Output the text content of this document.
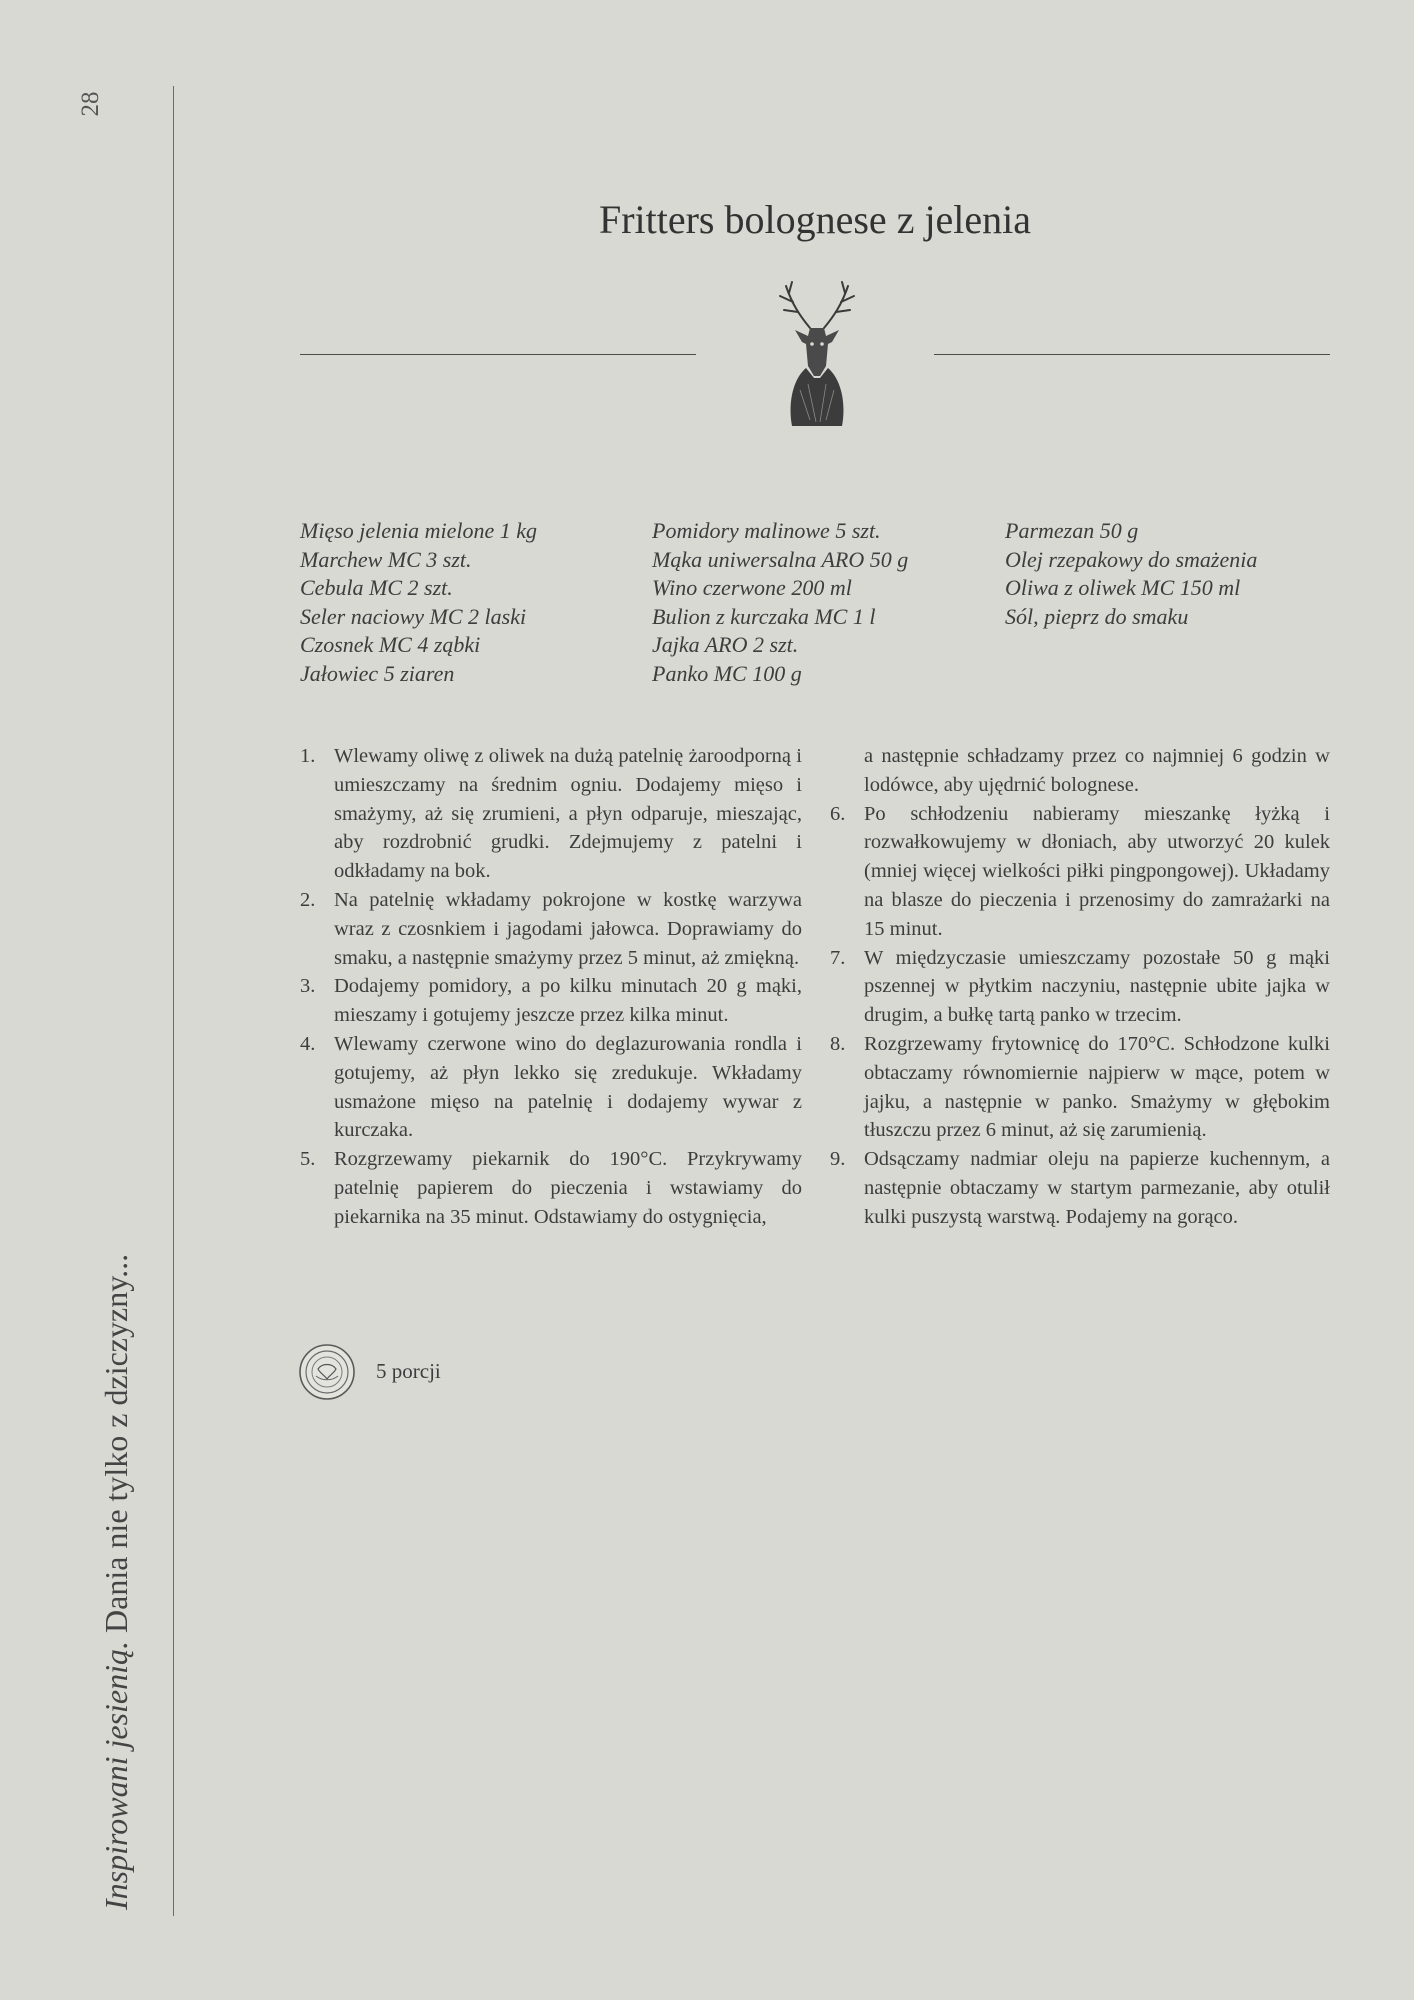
28
Inspirowani jesienią. Dania nie tylko z dziczyzny...
Fritters bolognese z jelenia
Mięso jelenia mielone 1 kg
Marchew MC 3 szt.
Cebula MC 2 szt.
Seler naciowy MC 2 laski
Czosnek MC 4 ząbki
Jałowiec 5 ziaren
Pomidory malinowe 5 szt.
Mąka uniwersalna ARO 50 g
Wino czerwone 200 ml
Bulion z kurczaka MC 1 l
Jajka ARO 2 szt.
Panko MC 100 g
Parmezan 50 g
Olej rzepakowy do smażenia
Oliwa z oliwek MC 150 ml
Sól, pieprz do smaku
1. Wlewamy oliwę z oliwek na dużą patelnię żaroodporną i umieszczamy na średnim ogniu. Dodajemy mięso i smażymy, aż się zrumieni, a płyn odparuje, mieszając, aby rozdrobnić grudki. Zdejmujemy z patelni i odkładamy na bok.
2. Na patelnię wkładamy pokrojone w kostkę warzywa wraz z czosnkiem i jagodami jałowca. Doprawiamy do smaku, a następnie smażymy przez 5 minut, aż zmiękną.
3. Dodajemy pomidory, a po kilku minutach 20 g mąki, mieszamy i gotujemy jeszcze przez kilka minut.
4. Wlewamy czerwone wino do deglazurowania rondla i gotujemy, aż płyn lekko się zredukuje. Wkładamy usmażone mięso na patelnię i dodajemy wywar z kurczaka.
5. Rozgrzewamy piekarnik do 190°C. Przykrywamy patelnię papierem do pieczenia i wstawiamy do piekarnika na 35 minut. Odstawiamy do ostygnięcia,
a następnie schładzamy przez co najmniej 6 godzin w lodówce, aby ujędrnić bolognese.
6. Po schłodzeniu nabieramy mieszankę łyżką i rozwałkowujemy w dłoniach, aby utworzyć 20 kulek (mniej więcej wielkości piłki pingpongowej). Układamy na blasze do pieczenia i przenosimy do zamrażarki na 15 minut.
7. W międzyczasie umieszczamy pozostałe 50 g mąki pszennej w płytkim naczyniu, następnie ubite jajka w drugim, a bułkę tartą panko w trzecim.
8. Rozgrzewamy frytownicę do 170°C. Schłodzone kulki obtaczamy równomiernie najpierw w mące, potem w jajku, a następnie w panko. Smażymy w głębokim tłuszczu przez 6 minut, aż się zarumienią.
9. Odsączamy nadmiar oleju na papierze kuchennym, a następnie obtaczamy w startym parmezanie, aby otulił kulki puszystą warstwą. Podajemy na gorąco.
5 porcji
